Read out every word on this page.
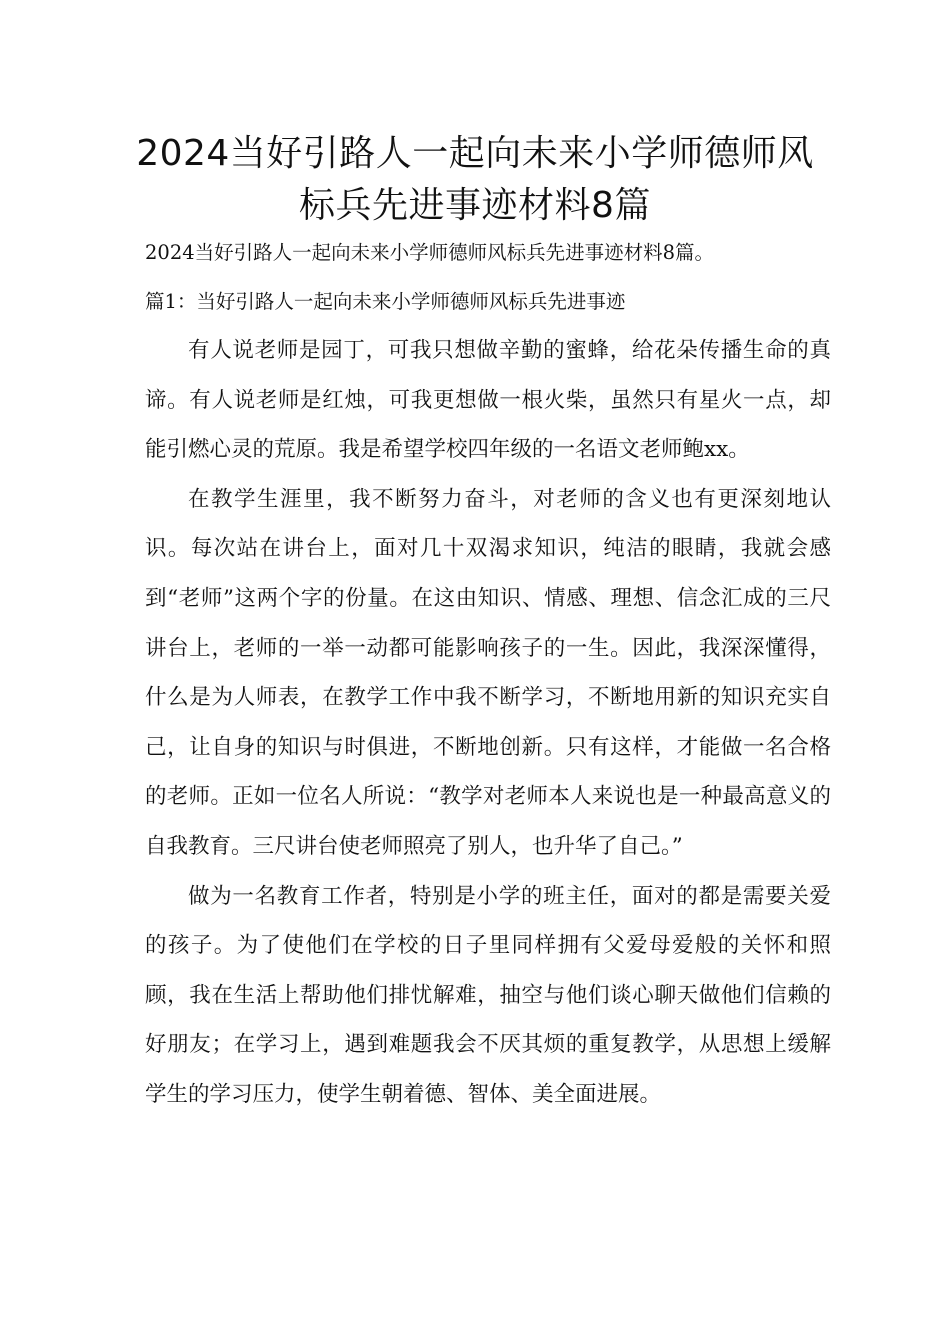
2024当好引路人一起向未来小学师德师风标兵先进事迹材料8篇

2024当好引路人一起向未来小学师德师风标兵先进事迹材料8篇。

篇1：当好引路人一起向未来小学师德师风标兵先进事迹

有人说老师是园丁，可我只想做辛勤的蜜蜂，给花朵传播生命的真谛。有人说老师是红烛，可我更想做一根火柴，虽然只有星火一点，却能引燃心灵的荒原。我是希望学校四年级的一名语文老师鲍xx。

在教学生涯里，我不断努力奋斗，对老师的含义也有更深刻地认识。每次站在讲台上，面对几十双渴求知识，纯洁的眼睛，我就会感到“老师”这两个字的份量。在这由知识、情感、理想、信念汇成的三尺讲台上，老师的一举一动都可能影响孩子的一生。因此，我深深懂得，什么是为人师表，在教学工作中我不断学习，不断地用新的知识充实自己，让自身的知识与时俱进，不断地创新。只有这样，才能做一名合格的老师。正如一位名人所说：“教学对老师本人来说也是一种最高意义的自我教育。三尺讲台使老师照亮了别人，也升华了自己。”

做为一名教育工作者，特别是小学的班主任，面对的都是需要关爱的孩子。为了使他们在学校的日子里同样拥有父爱母爱般的关怀和照顾，我在生活上帮助他们排忧解难，抽空与他们谈心聊天做他们信赖的好朋友；在学习上，遇到难题我会不厌其烦的重复教学，从思想上缓解学生的学习压力，使学生朝着德、智体、美全面进展。
